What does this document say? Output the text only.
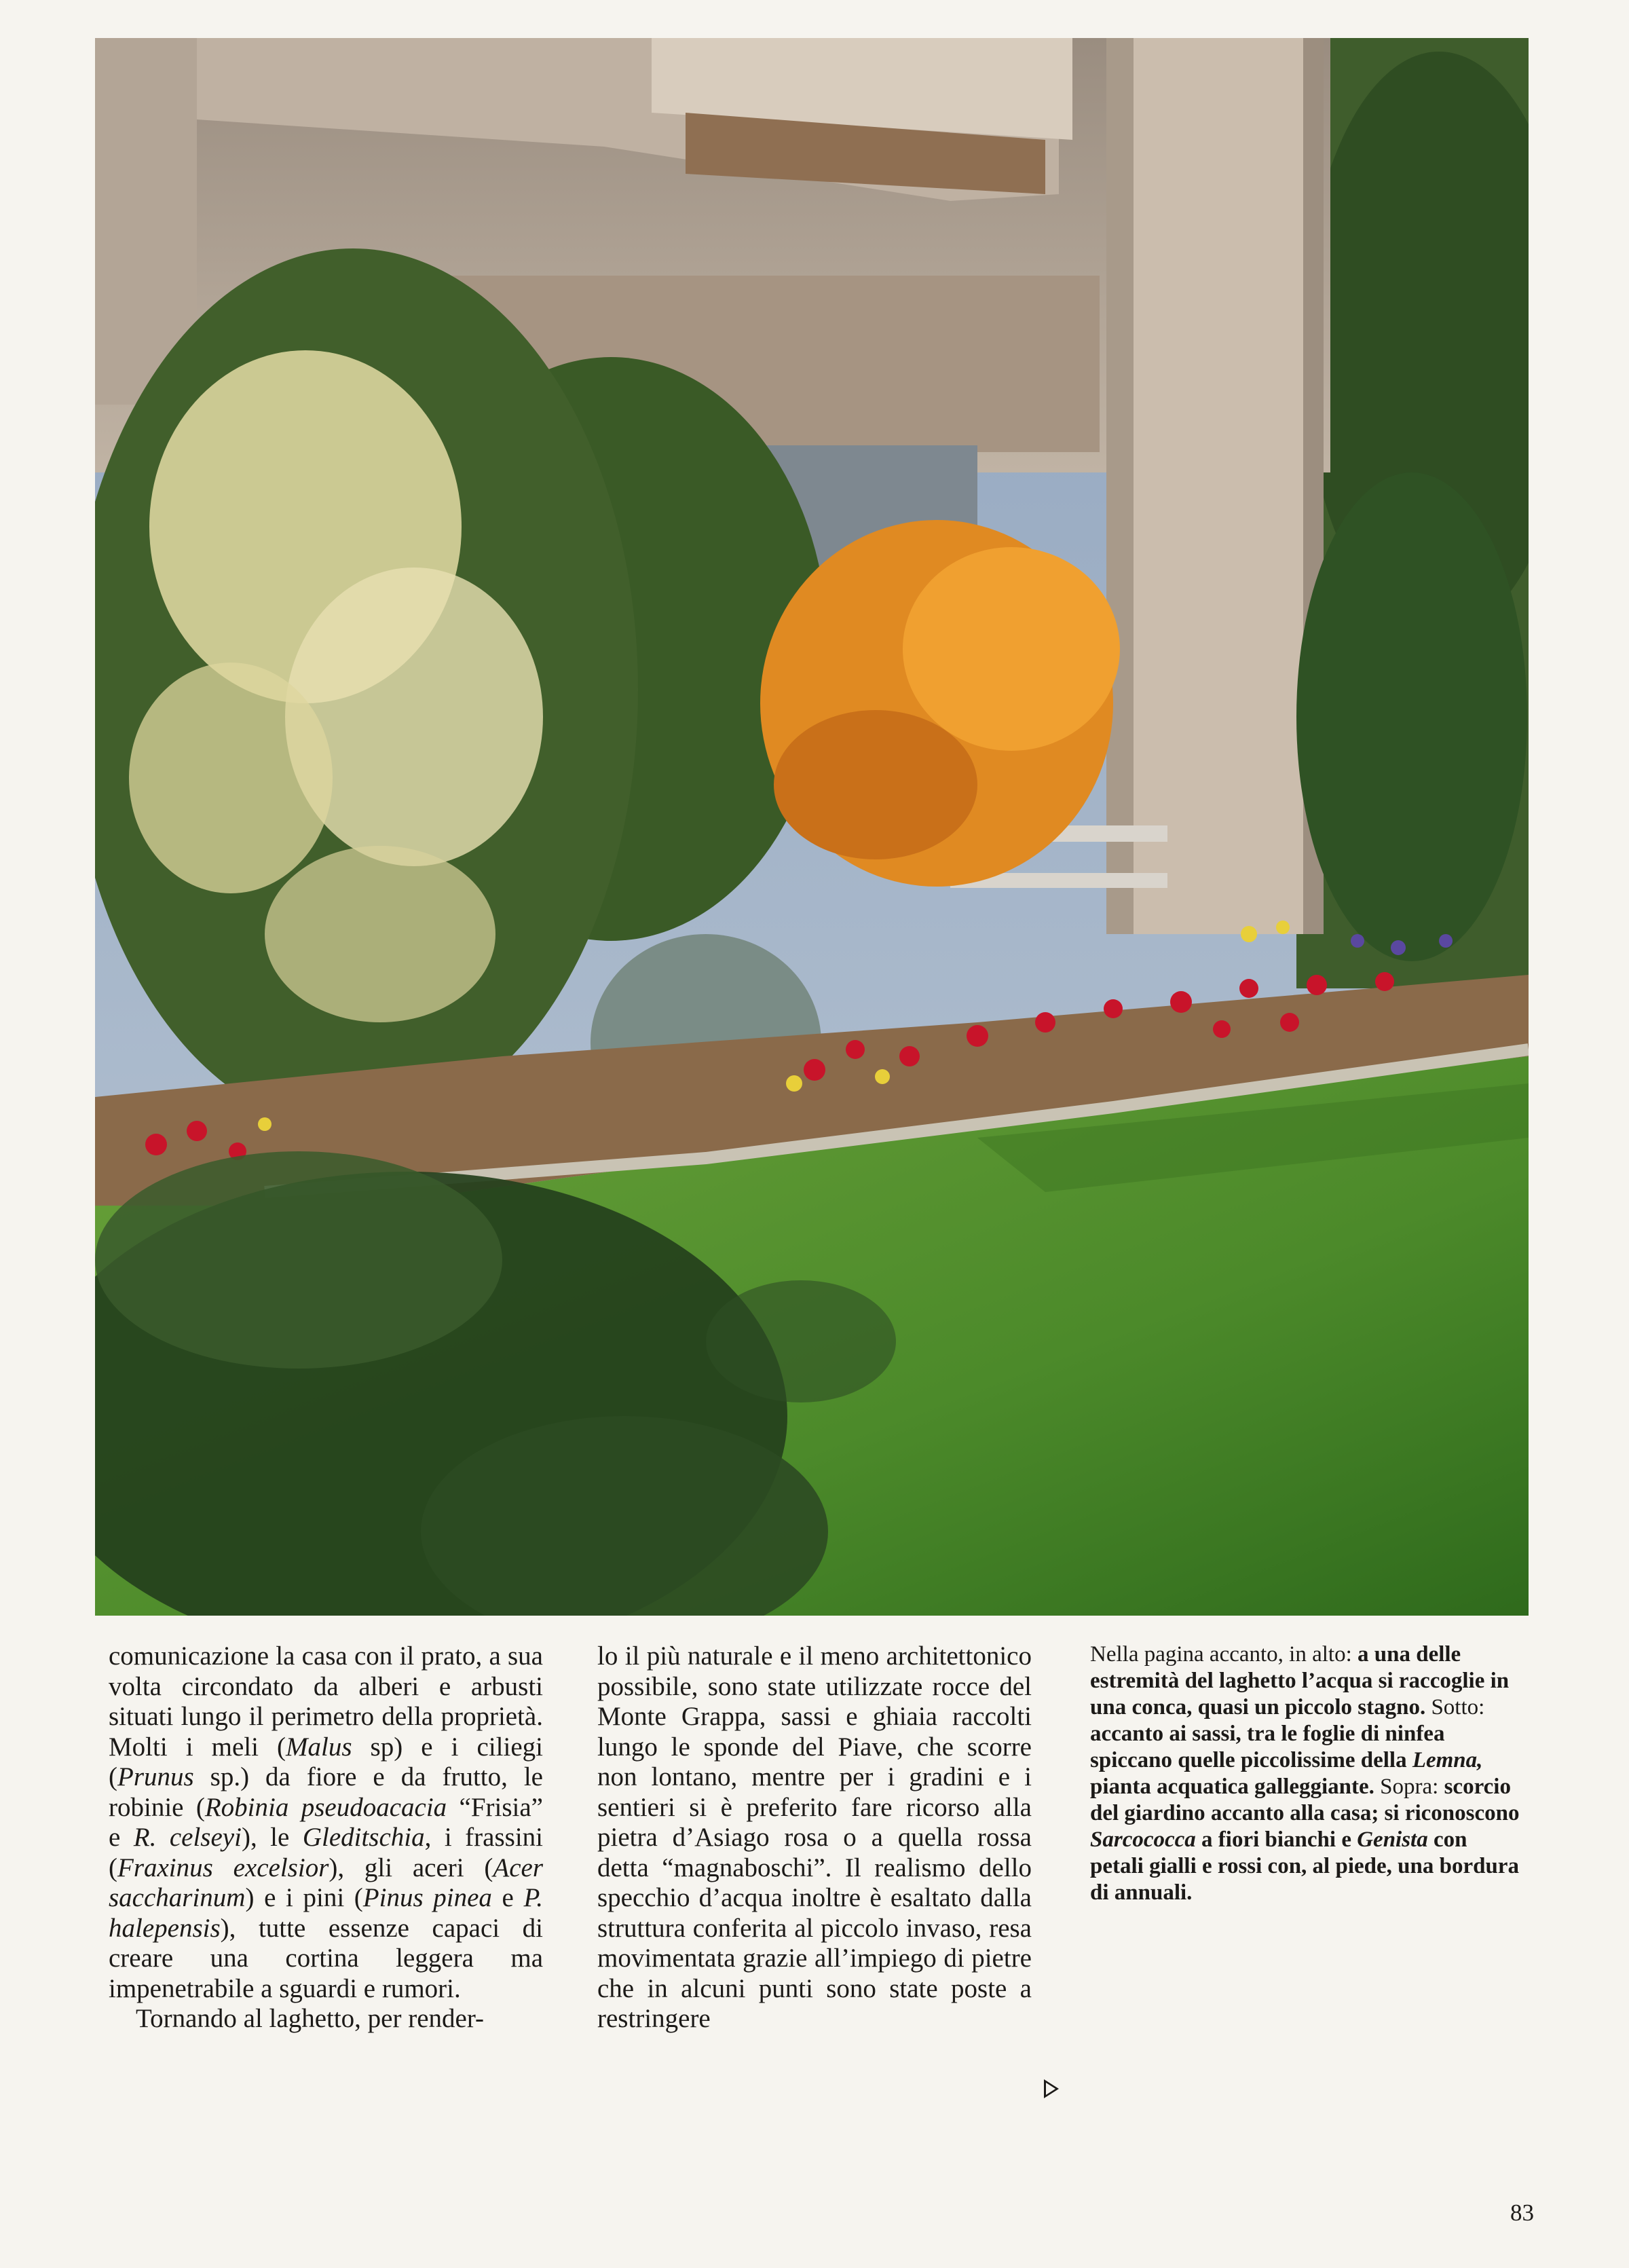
comunicazione la casa con il prato, a sua volta circondato da alberi e arbusti situati lungo il perimetro della proprietà. Molti i meli (Malus sp) e i ciliegi (Prunus sp.) da fiore e da frutto, le robinie (Robinia pseudoacacia “Frisia” e R. celseyi), le Gleditschia, i frassini (Fraxinus excelsior), gli aceri (Acer saccharinum) e i pini (Pinus pinea e P. halepensis), tutte essenze capaci di creare una cortina leggera ma impenetrabile a sguardi e rumori.

Tornando al laghetto, per render-

lo il più naturale e il meno architettonico possibile, sono state utilizzate rocce del Monte Grappa, sassi e ghiaia raccolti lungo le sponde del Piave, che scorre non lontano, mentre per i gradini e i sentieri si è preferito fare ricorso alla pietra d’Asiago rosa o a quella rossa detta “magnaboschi”. Il realismo dello specchio d’acqua inoltre è esaltato dalla struttura conferita al piccolo invaso, resa movimentata grazie all’impiego di pietre che in alcuni punti sono state poste a restringere

Nella pagina accanto, in alto: a una delle estremità del laghetto l’acqua si raccoglie in una conca, quasi un piccolo stagno. Sotto: accanto ai sassi, tra le foglie di ninfea spiccano quelle piccolissime della Lemna, pianta acquatica galleggiante. Sopra: scorcio del giardino accanto alla casa; si riconoscono Sarcococca a fiori bianchi e Genista con petali gialli e rossi con, al piede, una bordura di annuali.

83
